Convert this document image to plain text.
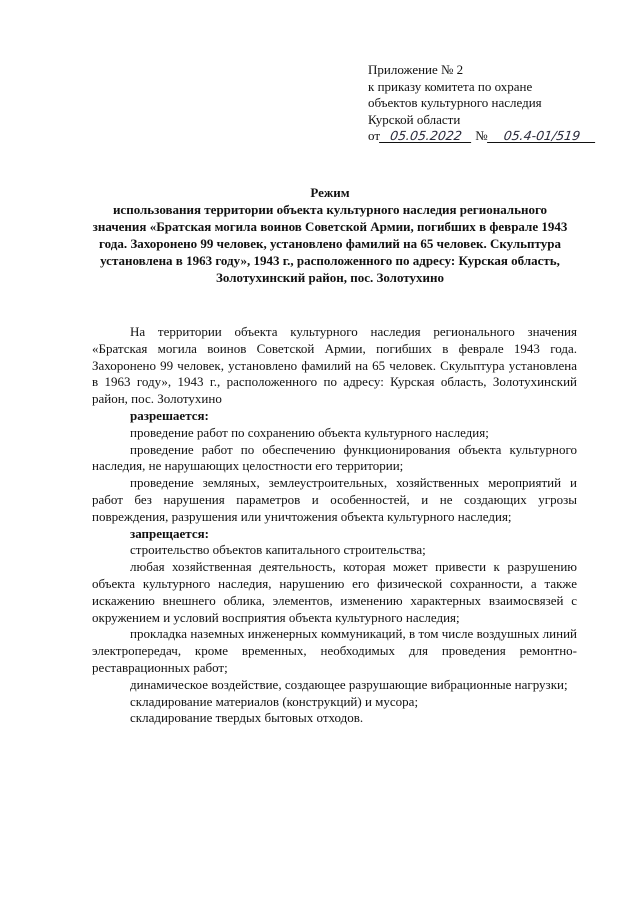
Приложение № 2
к приказу комитета по охране
объектов культурного наследия
Курской области
от 05.05.2022 № 05.4-01/519
Режим
использования территории объекта культурного наследия регионального значения «Братская могила воинов Советской Армии, погибших в феврале 1943 года. Захоронено 99 человек, установлено фамилий на 65 человек. Скульптура установлена в 1963 году», 1943 г., расположенного по адресу: Курская область, Золотухинский район, пос. Золотухино

На территории объекта культурного наследия регионального значения «Братская могила воинов Советской Армии, погибших в феврале 1943 года. Захоронено 99 человек, установлено фамилий на 65 человек. Скульптура установлена в 1963 году», 1943 г., расположенного по адресу: Курская область, Золотухинский район, пос. Золотухино

разрешается:

проведение работ по сохранению объекта культурного наследия;

проведение работ по обеспечению функционирования объекта культурного наследия, не нарушающих целостности его территории;

проведение земляных, землеустроительных, хозяйственных мероприятий и работ без нарушения параметров и особенностей, и не создающих угрозы повреждения, разрушения или уничтожения объекта культурного наследия;

запрещается:

строительство объектов капитального строительства;

любая хозяйственная деятельность, которая может привести к разрушению объекта культурного наследия, нарушению его физической сохранности, а также искажению внешнего облика, элементов, изменению характерных взаимосвязей с окружением и условий восприятия объекта культурного наследия;

прокладка наземных инженерных коммуникаций, в том числе воздушных линий электропередач, кроме временных, необходимых для проведения ремонтно-реставрационных работ;

динамическое воздействие, создающее разрушающие вибрационные нагрузки;

складирование материалов (конструкций) и мусора;

складирование твердых бытовых отходов.
